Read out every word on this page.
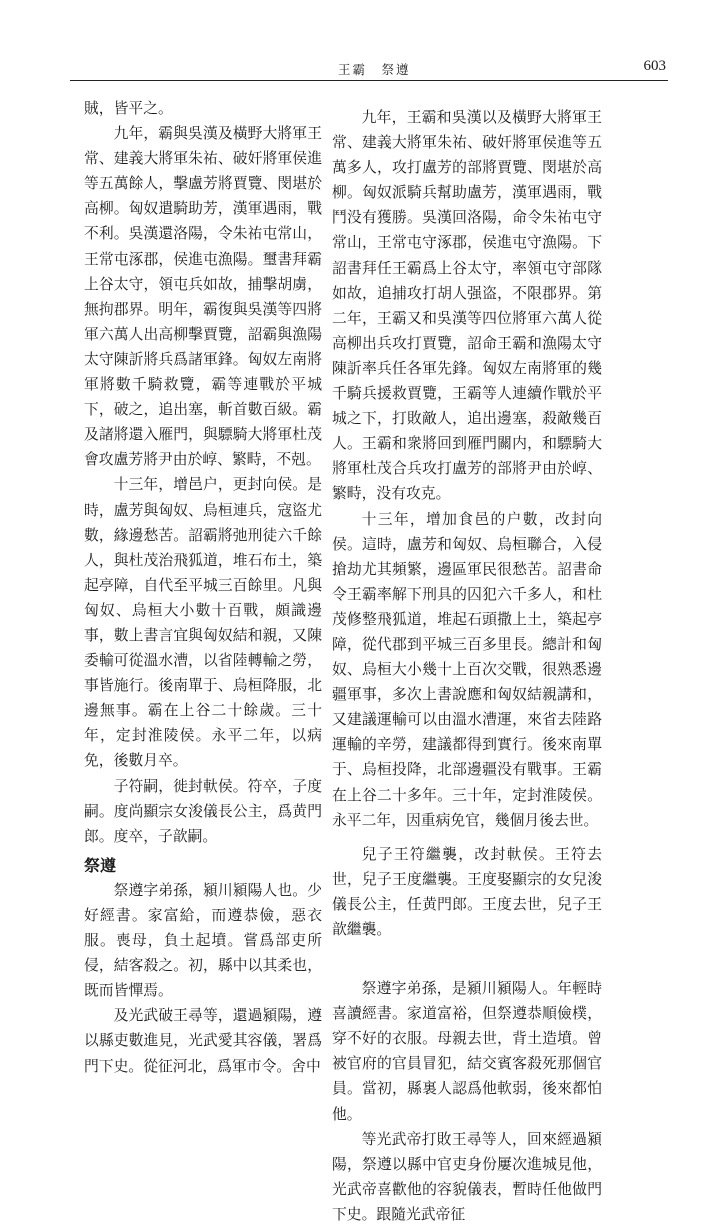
王霸　祭遵	603

賊，皆平之。

九年，霸與吳漢及橫野大將軍王常、建義大將軍朱祐、破奸將軍侯進等五萬餘人，擊盧芳將賈覽、閔堪於高柳。匈奴遣騎助芳，漢軍遇雨，戰不利。吳漢還洛陽，令朱祐屯常山，王常屯涿郡，侯進屯漁陽。璽書拜霸上谷太守，領屯兵如故，捕擊胡虜，無拘郡界。明年，霸復與吳漢等四將軍六萬人出高柳擊賈覽，詔霸與漁陽太守陳訢將兵爲諸軍鋒。匈奴左南將軍將數千騎救覽，霸等連戰於平城下，破之，追出塞，斬首數百級。霸及諸將還入雁門，與驃騎大將軍杜茂會攻盧芳將尹由於崞、繁畤，不剋。

十三年，增邑户，更封向侯。是時，盧芳與匈奴、烏桓連兵，寇盜尤數，緣邊愁苦。詔霸將弛刑徒六千餘人，與杜茂治飛狐道，堆石布土，築起亭障，自代至平城三百餘里。凡與匈奴、烏桓大小數十百戰，頗識邊事，數上書言宜與匈奴結和親，又陳委輸可從溫水漕，以省陸轉輸之勞，事皆施行。後南單于、烏桓降服，北邊無事。霸在上谷二十餘歲。三十年，定封淮陵侯。永平二年，以病免，後數月卒。

子符嗣，徙封軑侯。符卒，子度嗣。度尚顯宗女浚儀長公主，爲黄門郎。度卒，子歆嗣。

祭遵

祭遵字弟孫，潁川潁陽人也。少好經書。家富給，而遵恭儉，惡衣服。喪母，負土起墳。嘗爲部吏所侵，結客殺之。初，縣中以其柔也，既而皆憚焉。

及光武破王尋等，還過潁陽，遵以縣吏數進見，光武愛其容儀，署爲門下史。從征河北，爲軍市令。舍中

九年，王霸和吳漢以及橫野大將軍王常、建義大將軍朱祐、破奸將軍侯進等五萬多人，攻打盧芳的部將賈覽、閔堪於高柳。匈奴派騎兵幫助盧芳，漢軍遇雨，戰鬥没有獲勝。吳漢回洛陽，命令朱祐屯守常山，王常屯守涿郡，侯進屯守漁陽。下詔書拜任王霸爲上谷太守，率領屯守部隊如故，追捕攻打胡人强盗，不限郡界。第二年，王霸又和吳漢等四位將軍六萬人從高柳出兵攻打賈覽，詔命王霸和漁陽太守陳訢率兵任各軍先鋒。匈奴左南將軍的幾千騎兵援救賈覽，王霸等人連續作戰於平城之下，打敗敵人，追出邊塞，殺敵幾百人。王霸和衆將回到雁門關内，和驃騎大將軍杜茂合兵攻打盧芳的部將尹由於崞、繁畤，没有攻克。

十三年，增加食邑的户數，改封向侯。這時，盧芳和匈奴、烏桓聯合，入侵搶劫尤其頻繁，邊區軍民很愁苦。詔書命令王霸率解下刑具的囚犯六千多人，和杜茂修整飛狐道，堆起石頭撒上土，築起亭障，從代郡到平城三百多里長。總計和匈奴、烏桓大小幾十上百次交戰，很熟悉邊疆軍事，多次上書說應和匈奴結親講和，又建議運輸可以由溫水漕運，來省去陸路運輸的辛勞，建議都得到實行。後來南單于、烏桓投降，北部邊疆没有戰事。王霸在上谷二十多年。三十年，定封淮陵侯。永平二年，因重病免官，幾個月後去世。

兒子王符繼襲，改封軑侯。王符去世，兒子王度繼襲。王度娶顯宗的女兒浚儀長公主，任黄門郎。王度去世，兒子王歆繼襲。

祭遵字弟孫，是潁川潁陽人。年輕時喜讀經書。家道富裕，但祭遵恭順儉樸，穿不好的衣服。母親去世，背土造墳。曾被官府的官員冒犯，結交賓客殺死那個官員。當初，縣裏人認爲他軟弱，後來都怕他。

等光武帝打敗王尋等人，回來經過潁陽，祭遵以縣中官吏身份屢次進城見他，光武帝喜歡他的容貌儀表，暫時任他做門下史。跟隨光武帝征
